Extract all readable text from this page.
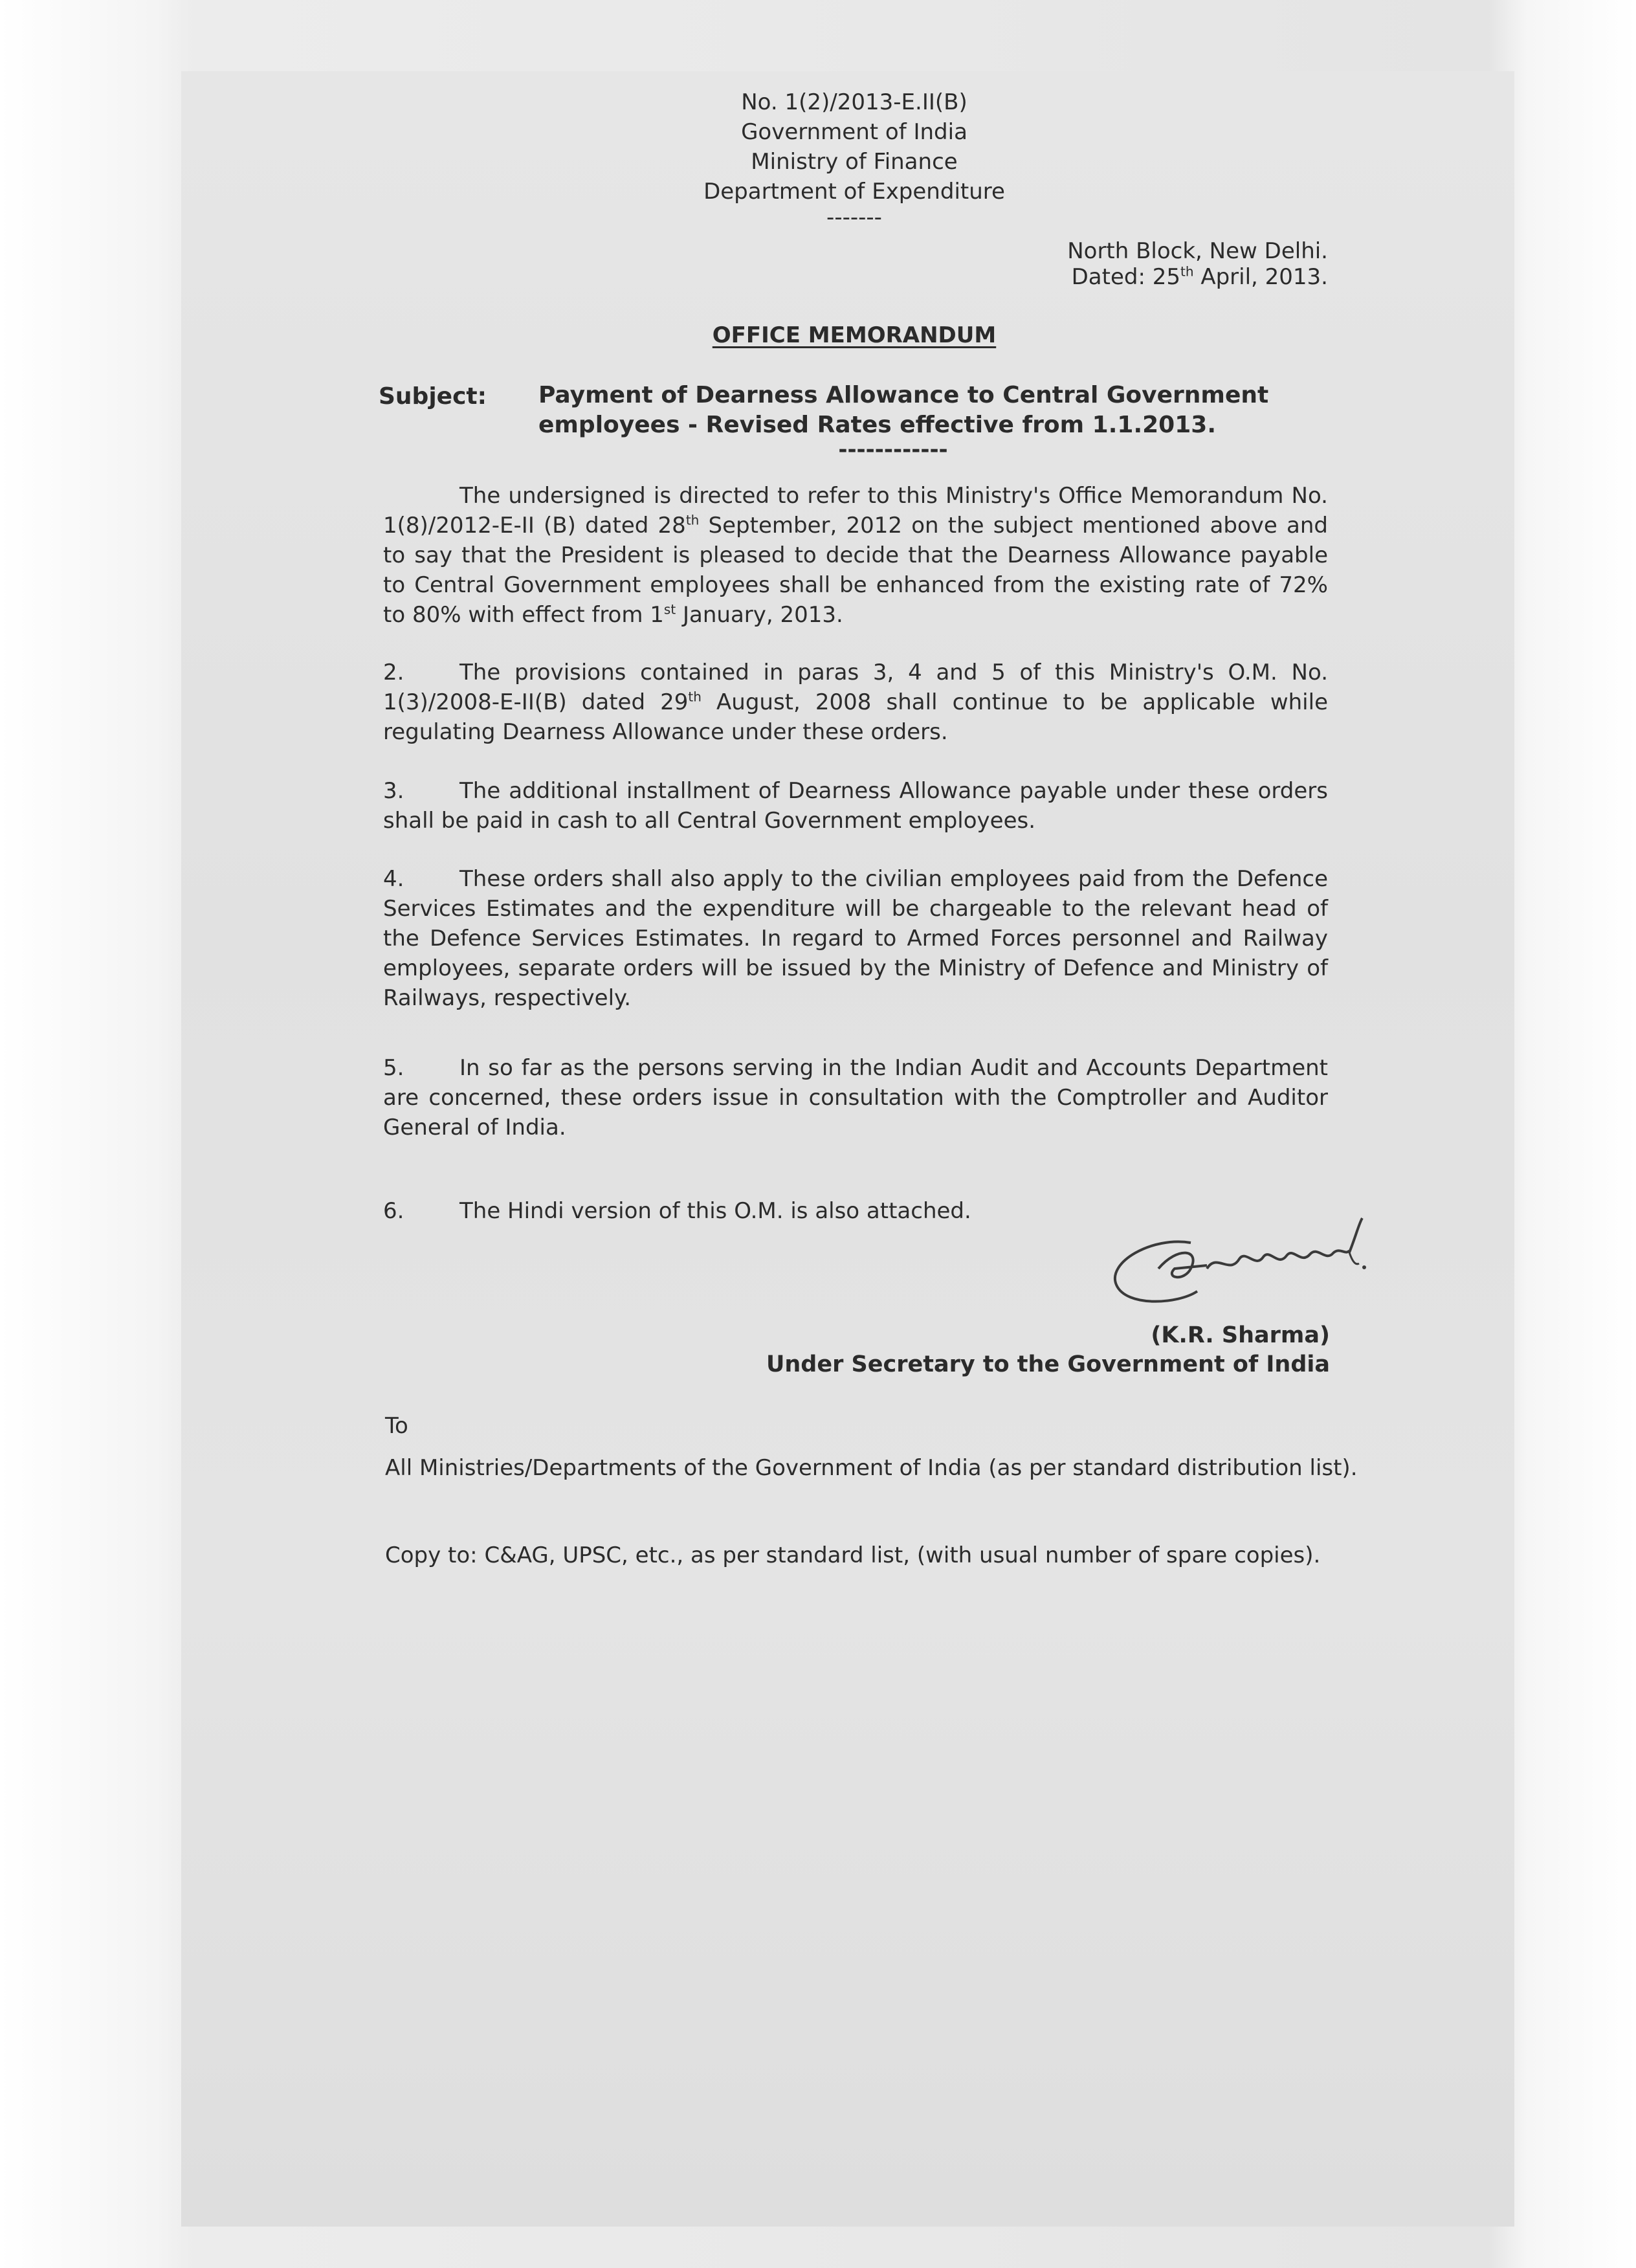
No. 1(2)/2013-E.II(B)
Government of India
Ministry of Finance
Department of Expenditure
-------
North Block, New Delhi.
Dated: 25th April, 2013.
OFFICE MEMORANDUM
Subject: Payment of Dearness Allowance to Central Government
employees - Revised Rates effective from 1.1.2013.
------------

The undersigned is directed to refer to this Ministry's Office Memorandum No. 1(8)/2012-E-II (B) dated 28th September, 2012 on the subject mentioned above and to say that the President is pleased to decide that the Dearness Allowance payable to Central Government employees shall be enhanced from the existing rate of 72% to 80% with effect from 1st January, 2013.

2.	The provisions contained in paras 3, 4 and 5 of this Ministry's O.M. No. 1(3)/2008-E-II(B) dated 29th August, 2008 shall continue to be applicable while regulating Dearness Allowance under these orders.

3.	The additional installment of Dearness Allowance payable under these orders shall be paid in cash to all Central Government employees.

4.	These orders shall also apply to the civilian employees paid from the Defence Services Estimates and the expenditure will be chargeable to the relevant head of the Defence Services Estimates. In regard to Armed Forces personnel and Railway employees, separate orders will be issued by the Ministry of Defence and Ministry of Railways, respectively.

5.	In so far as the persons serving in the Indian Audit and Accounts Department are concerned, these orders issue in consultation with the Comptroller and Auditor General of India.

6.	The Hindi version of this O.M. is also attached.

(K.R. Sharma)
Under Secretary to the Government of India
To
All Ministries/Departments of the Government of India (as per standard distribution list).
Copy to: C&AG, UPSC, etc., as per standard list, (with usual number of spare copies).
